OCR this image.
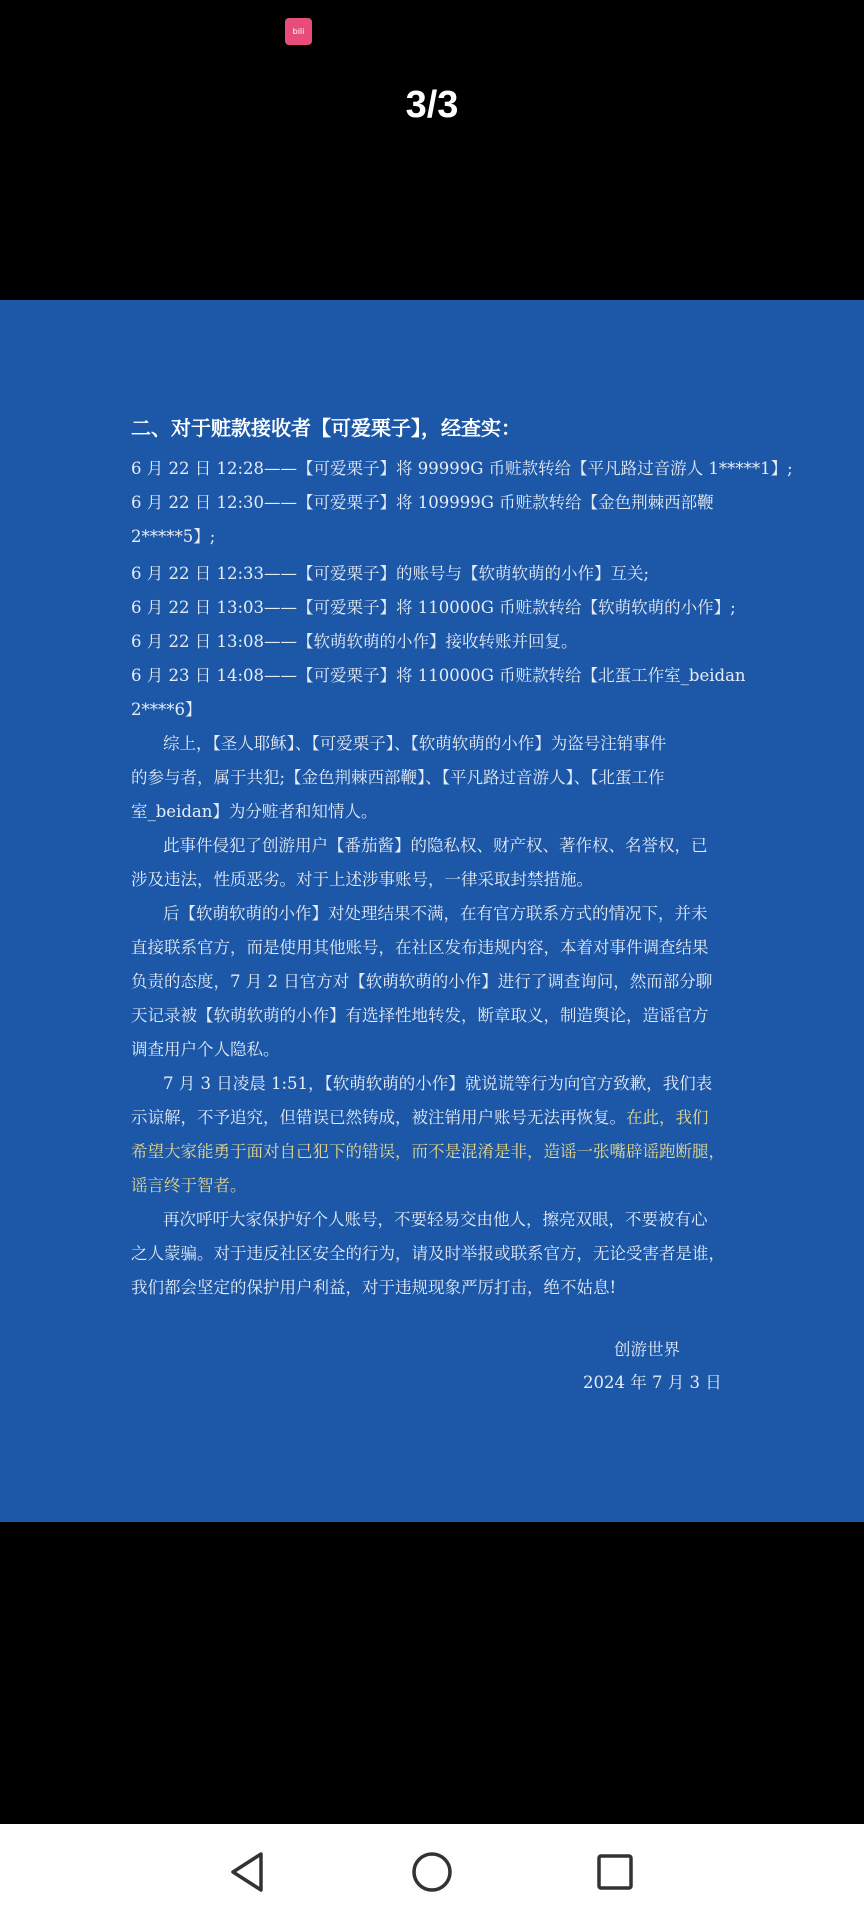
bili
3/3
二、对于赃款接收者【可爱栗子】，经查实：
6 月 22 日 12:28——【可爱栗子】将 99999G 币赃款转给【平凡路过音游人 1*****1】;
6 月 22 日 12:30——【可爱栗子】将 109999G 币赃款转给【金色荆棘西部鞭
2*****5】;
6 月 22 日 12:33——【可爱栗子】的账号与【软萌软萌的小作】互关;
6 月 22 日 13:03——【可爱栗子】将 110000G 币赃款转给【软萌软萌的小作】;
6 月 22 日 13:08——【软萌软萌的小作】接收转账并回复。
6 月 23 日 14:08——【可爱栗子】将 110000G 币赃款转给【北蛋工作室_beidan
2****6】
综上，【圣人耶稣】、【可爱栗子】、【软萌软萌的小作】为盗号注销事件
的参与者，属于共犯;【金色荆棘西部鞭】、【平凡路过音游人】、【北蛋工作
室_beidan】为分赃者和知情人。
此事件侵犯了创游用户【番茄酱】的隐私权、财产权、著作权、名誉权，已
涉及违法，性质恶劣。对于上述涉事账号，一律采取封禁措施。
后【软萌软萌的小作】对处理结果不满，在有官方联系方式的情况下，并未
直接联系官方，而是使用其他账号，在社区发布违规内容，本着对事件调查结果
负责的态度，7 月 2 日官方对【软萌软萌的小作】进行了调查询问，然而部分聊
天记录被【软萌软萌的小作】有选择性地转发，断章取义，制造舆论，造谣官方
调查用户个人隐私。
7 月 3 日凌晨 1:51，【软萌软萌的小作】就说谎等行为向官方致歉，我们表
示谅解，不予追究，但错误已然铸成，被注销用户账号无法再恢复。在此，我们
希望大家能勇于面对自己犯下的错误，而不是混淆是非，造谣一张嘴辟谣跑断腿，
谣言终于智者。
再次呼吁大家保护好个人账号，不要轻易交由他人，擦亮双眼，不要被有心
之人蒙骗。对于违反社区安全的行为，请及时举报或联系官方，无论受害者是谁，
我们都会坚定的保护用户利益，对于违规现象严厉打击，绝不姑息!
创游世界
2024 年 7 月 3 日
